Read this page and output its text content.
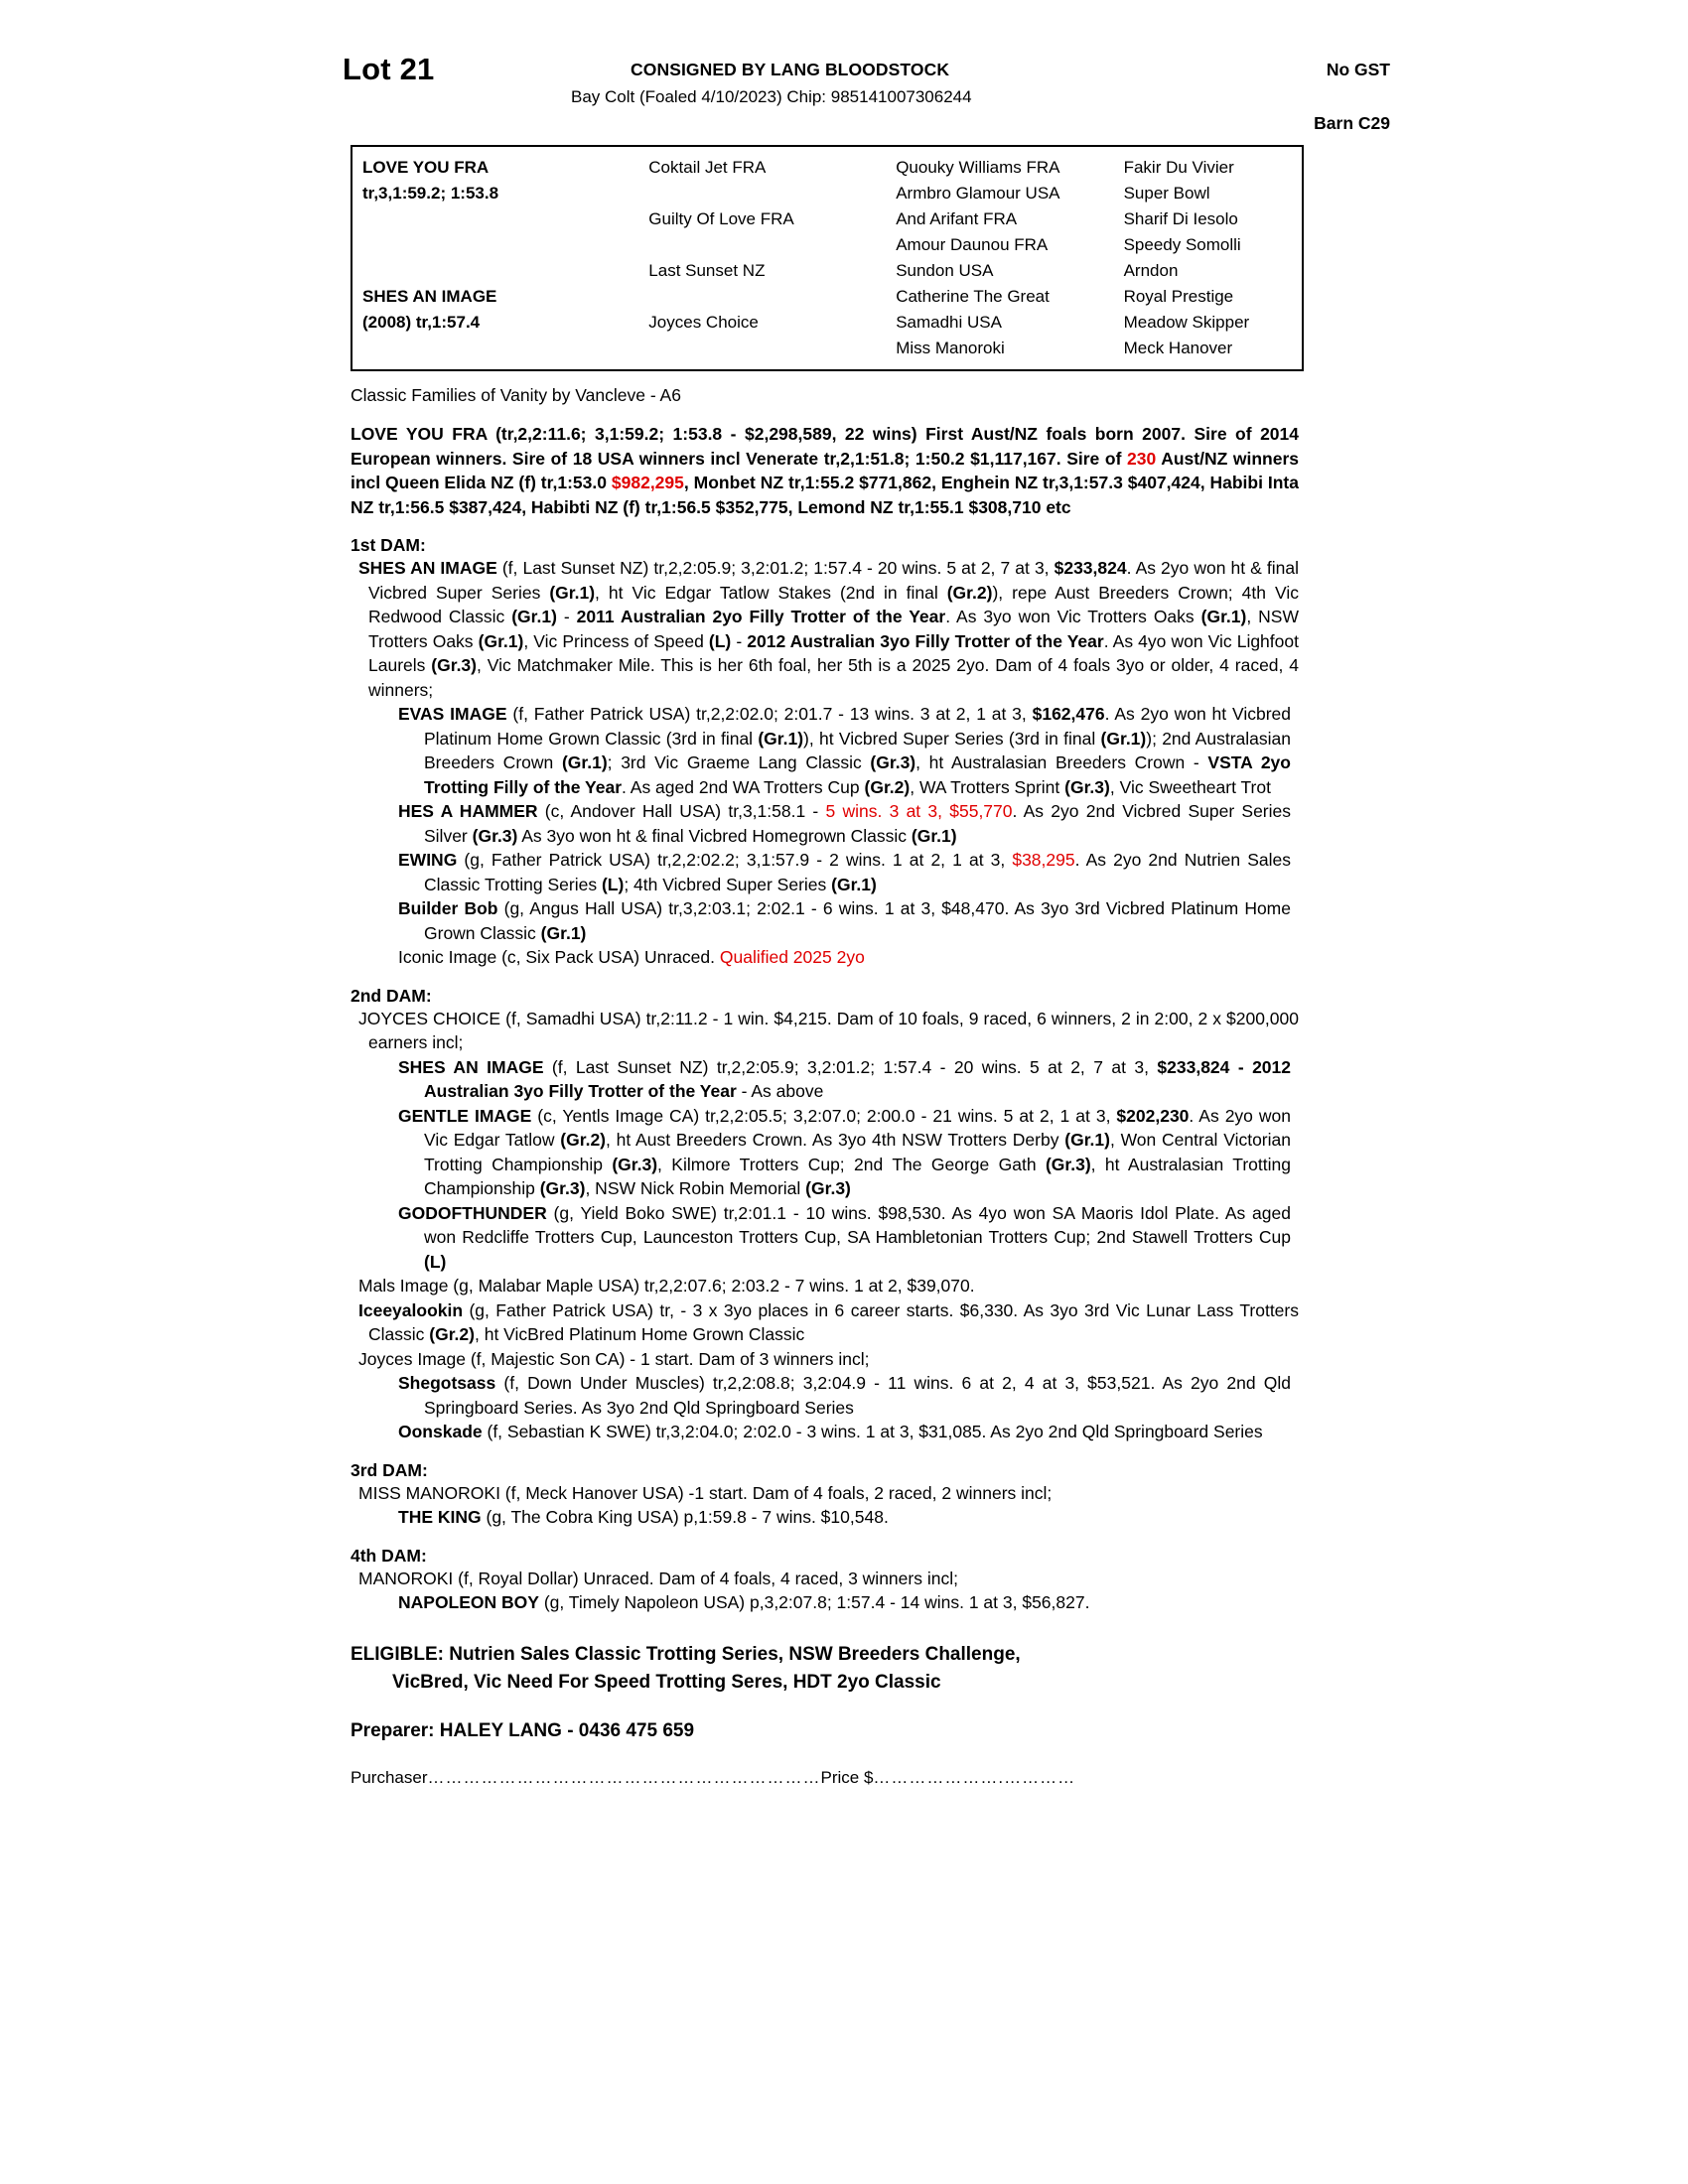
Lot 21	CONSIGNED BY LANG BLOODSTOCK
Bay Colt (Foaled 4/10/2023) Chip: 985141007306244
No GST
Barn C29
LOVE YOU FRA	Coktail Jet FRA	Quouky Williams FRA	Fakir Du Vivier
tr,3,1:59.2; 1:53.8		Armbro Glamour USA	Super Bowl
	Guilty Of Love FRA	And Arifant FRA	Sharif Di Iesolo
		Amour Daunou FRA	Speedy Somolli
	Last Sunset NZ	Sundon USA	Arndon
SHES AN IMAGE		Catherine The Great	Royal Prestige
(2008) tr,1:57.4	Joyces Choice	Samadhi USA	Meadow Skipper
		Miss Manoroki	Meck Hanover
Classic Families of Vanity by Vancleve - A6
LOVE YOU FRA (tr,2,2:11.6; 3,1:59.2; 1:53.8 - $2,298,589, 22 wins) First Aust/NZ foals born 2007. Sire of 2014 European winners. Sire of 18 USA winners incl Venerate tr,2,1:51.8; 1:50.2 $1,117,167. Sire of 230 Aust/NZ winners incl Queen Elida NZ (f) tr,1:53.0 $982,295, Monbet NZ tr,1:55.2 $771,862, Enghein NZ tr,3,1:57.3 $407,424, Habibi Inta NZ tr,1:56.5 $387,424, Habibti NZ (f) tr,1:56.5 $352,775, Lemond NZ tr,1:55.1 $308,710 etc
1st DAM:
SHES AN IMAGE (f, Last Sunset NZ) tr,2,2:05.9; 3,2:01.2; 1:57.4 - 20 wins. 5 at 2, 7 at 3, $233,824. As 2yo won ht & final Vicbred Super Series (Gr.1), ht Vic Edgar Tatlow Stakes (2nd in final (Gr.2)), repe Aust Breeders Crown; 4th Vic Redwood Classic (Gr.1) - 2011 Australian 2yo Filly Trotter of the Year. As 3yo won Vic Trotters Oaks (Gr.1), NSW Trotters Oaks (Gr.1), Vic Princess of Speed (L) - 2012 Australian 3yo Filly Trotter of the Year. As 4yo won Vic Lighfoot Laurels (Gr.3), Vic Matchmaker Mile. This is her 6th foal, her 5th is a 2025 2yo. Dam of 4 foals 3yo or older, 4 raced, 4 winners;
EVAS IMAGE (f, Father Patrick USA) tr,2,2:02.0; 2:01.7 - 13 wins. 3 at 2, 1 at 3, $162,476. As 2yo won ht Vicbred Platinum Home Grown Classic (3rd in final (Gr.1)), ht Vicbred Super Series (3rd in final (Gr.1)); 2nd Australasian Breeders Crown (Gr.1); 3rd Vic Graeme Lang Classic (Gr.3), ht Australasian Breeders Crown - VSTA 2yo Trotting Filly of the Year. As aged 2nd WA Trotters Cup (Gr.2), WA Trotters Sprint (Gr.3), Vic Sweetheart Trot
HES A HAMMER (c, Andover Hall USA) tr,3,1:58.1 - 5 wins. 3 at 3, $55,770. As 2yo 2nd Vicbred Super Series Silver (Gr.3) As 3yo won ht & final Vicbred Homegrown Classic (Gr.1)
EWING (g, Father Patrick USA) tr,2,2:02.2; 3,1:57.9 - 2 wins. 1 at 2, 1 at 3, $38,295. As 2yo 2nd Nutrien Sales Classic Trotting Series (L); 4th Vicbred Super Series (Gr.1)
Builder Bob (g, Angus Hall USA) tr,3,2:03.1; 2:02.1 - 6 wins. 1 at 3, $48,470. As 3yo 3rd Vicbred Platinum Home Grown Classic (Gr.1)
Iconic Image (c, Six Pack USA) Unraced. Qualified 2025 2yo
2nd DAM:
JOYCES CHOICE (f, Samadhi USA) tr,2:11.2 - 1 win. $4,215. Dam of 10 foals, 9 raced, 6 winners, 2 in 2:00, 2 x $200,000 earners incl;
SHES AN IMAGE (f, Last Sunset NZ) tr,2,2:05.9; 3,2:01.2; 1:57.4 - 20 wins. 5 at 2, 7 at 3, $233,824 - 2012 Australian 3yo Filly Trotter of the Year - As above
GENTLE IMAGE (c, Yentls Image CA) tr,2,2:05.5; 3,2:07.0; 2:00.0 - 21 wins. 5 at 2, 1 at 3, $202,230. As 2yo won Vic Edgar Tatlow (Gr.2), ht Aust Breeders Crown. As 3yo 4th NSW Trotters Derby (Gr.1), Won Central Victorian Trotting Championship (Gr.3), Kilmore Trotters Cup; 2nd The George Gath (Gr.3), ht Australasian Trotting Championship (Gr.3), NSW Nick Robin Memorial (Gr.3)
GODOFTHUNDER (g, Yield Boko SWE) tr,2:01.1 - 10 wins. $98,530. As 4yo won SA Maoris Idol Plate. As aged won Redcliffe Trotters Cup, Launceston Trotters Cup, SA Hambletonian Trotters Cup; 2nd Stawell Trotters Cup (L)
Mals Image (g, Malabar Maple USA) tr,2,2:07.6; 2:03.2 - 7 wins. 1 at 2, $39,070.
Iceeyalookin (g, Father Patrick USA) tr, - 3 x 3yo places in 6 career starts. $6,330. As 3yo 3rd Vic Lunar Lass Trotters Classic (Gr.2), ht VicBred Platinum Home Grown Classic
Joyces Image (f, Majestic Son CA) - 1 start. Dam of 3 winners incl;
Shegotsass (f, Down Under Muscles) tr,2,2:08.8; 3,2:04.9 - 11 wins. 6 at 2, 4 at 3, $53,521. As 2yo 2nd Qld Springboard Series. As 3yo 2nd Qld Springboard Series
Oonskade (f, Sebastian K SWE) tr,3,2:04.0; 2:02.0 - 3 wins. 1 at 3, $31,085. As 2yo 2nd Qld Springboard Series
3rd DAM:
MISS MANOROKI (f, Meck Hanover USA) -1 start. Dam of 4 foals, 2 raced, 2 winners incl;
THE KING (g, The Cobra King USA) p,1:59.8 - 7 wins. $10,548.
4th DAM:
MANOROKI (f, Royal Dollar) Unraced. Dam of 4 foals, 4 raced, 3 winners incl;
NAPOLEON BOY (g, Timely Napoleon USA) p,3,2:07.8; 1:57.4 - 14 wins. 1 at 3, $56,827.
ELIGIBLE: Nutrien Sales Classic Trotting Series, NSW Breeders Challenge,
VicBred, Vic Need For Speed Trotting Seres, HDT 2yo Classic
Preparer: HALEY LANG - 0436 475 659
Purchaser…………………………………………………………Price $………………….…………
